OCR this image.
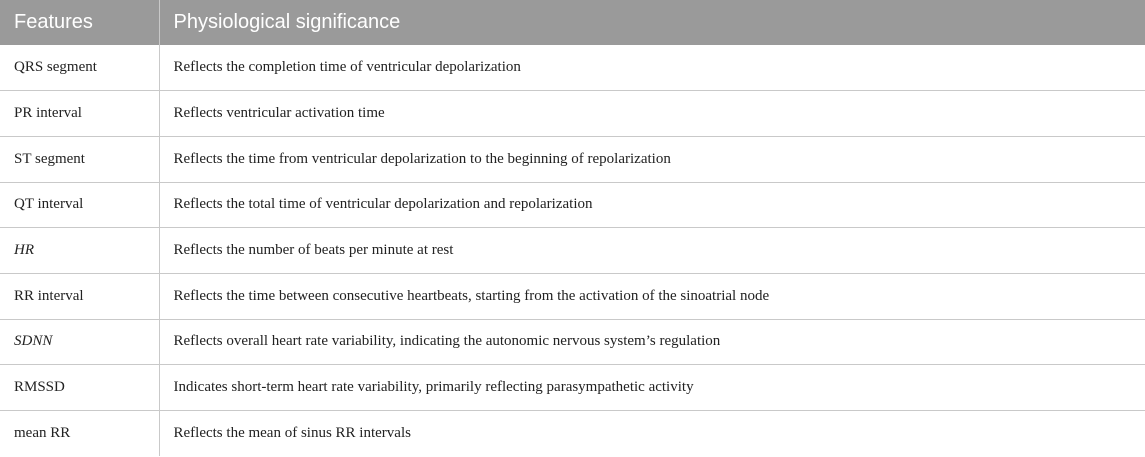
Features	Physiological significance
QRS segment	Reflects the completion time of ventricular depolarization
PR interval	Reflects ventricular activation time
ST segment	Reflects the time from ventricular depolarization to the beginning of repolarization
QT interval	Reflects the total time of ventricular depolarization and repolarization
HR	Reflects the number of beats per minute at rest
RR interval	Reflects the time between consecutive heartbeats, starting from the activation of the sinoatrial node
SDNN	Reflects overall heart rate variability, indicating the autonomic nervous system’s regulation
RMSSD	Indicates short-term heart rate variability, primarily reflecting parasympathetic activity
mean RR	Reflects the mean of sinus RR intervals
